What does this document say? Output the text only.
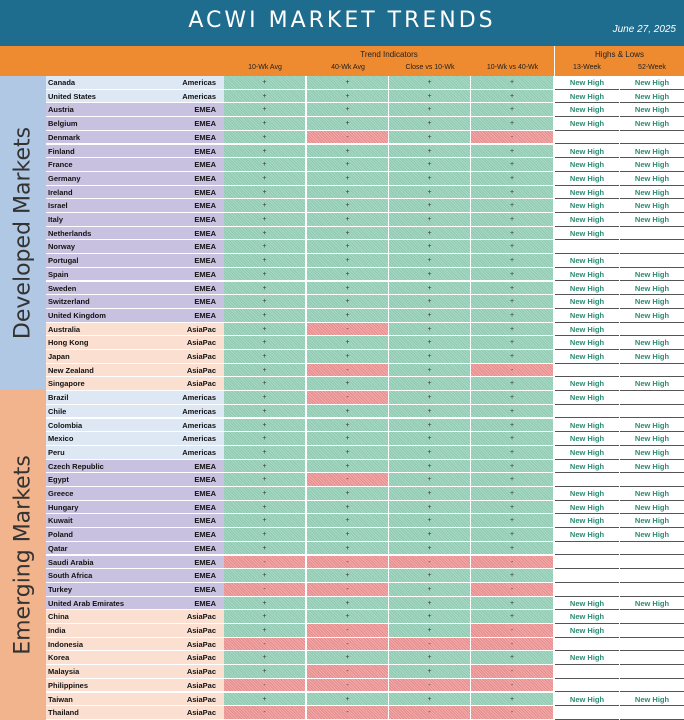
ACWI MARKET TRENDS	June 27, 2025
Trend Indicators	Highs & Lows
10-Wk Avg	40-Wk Avg	Close vs 10-Wk	10-Wk vs 40-Wk	13-Week	52-Week
Developed Markets
Emerging Markets
Canada	Americas	+	+	+	+	New High	New High
United States	Americas	+	+	+	+	New High	New High
Austria	EMEA	+	+	+	+	New High	New High
Belgium	EMEA	+	+	+	+	New High	New High
Denmark	EMEA	+	-	+	-
Finland	EMEA	+	+	+	+	New High	New High
France	EMEA	+	+	+	+	New High	New High
Germany	EMEA	+	+	+	+	New High	New High
Ireland	EMEA	+	+	+	+	New High	New High
Israel	EMEA	+	+	+	+	New High	New High
Italy	EMEA	+	+	+	+	New High	New High
Netherlands	EMEA	+	+	+	+	New High
Norway	EMEA	+	+	+	+
Portugal	EMEA	+	+	+	+	New High
Spain	EMEA	+	+	+	+	New High	New High
Sweden	EMEA	+	+	+	+	New High	New High
Switzerland	EMEA	+	+	+	+	New High	New High
United Kingdom	EMEA	+	+	+	+	New High	New High
Australia	AsiaPac	+	-	+	+	New High
Hong Kong	AsiaPac	+	+	+	+	New High	New High
Japan	AsiaPac	+	+	+	+	New High	New High
New Zealand	AsiaPac	+	-	+	-
Singapore	AsiaPac	+	+	+	+	New High	New High
Brazil	Americas	+	-	+	+	New High
Chile	Americas	+	+	+	+
Colombia	Americas	+	+	+	+	New High	New High
Mexico	Americas	+	+	+	+	New High	New High
Peru	Americas	+	+	+	+	New High	New High
Czech Republic	EMEA	+	+	+	+	New High	New High
Egypt	EMEA	+	-	+	+
Greece	EMEA	+	+	+	+	New High	New High
Hungary	EMEA	+	+	+	+	New High	New High
Kuwait	EMEA	+	+	+	+	New High	New High
Poland	EMEA	+	+	+	+	New High	New High
Qatar	EMEA	+	+	+	+
Saudi Arabia	EMEA	-	-	-	-
South Africa	EMEA	+	+	+	+
Turkey	EMEA	-	-	+	-
United Arab Emirates	EMEA	+	+	+	+	New High	New High
China	AsiaPac	+	+	+	+	New High
India	AsiaPac	+	-	+	-	New High
Indonesia	AsiaPac	-	-	-	-
Korea	AsiaPac	+	+	+	+	New High
Malaysia	AsiaPac	+	-	+	-
Philippines	AsiaPac	-	-	-	-
Taiwan	AsiaPac	+	+	+	+	New High	New High
Thailand	AsiaPac	-	-	-	-
